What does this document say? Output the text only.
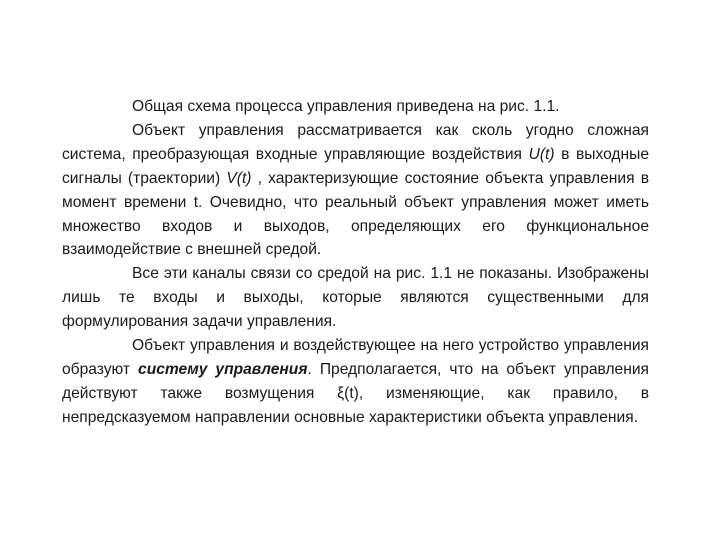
Общая схема процесса управления приведена на рис. 1.1.

Объект управления рассматривается как сколь угодно сложная система, преобразующая входные управляющие воздействия U(t) в выходные сигналы (траектории) V(t) , характеризующие состояние объекта управления в момент времени t. Очевидно, что реальный объект управления может иметь множество входов и выходов, определяющих его функциональное взаимодействие с внешней средой.

Все эти каналы связи со средой на рис. 1.1 не показаны. Изображены лишь те входы и выходы, которые являются существенными для формулирования задачи управления.

Объект управления и воздействующее на него устройство управления образуют систему управления. Предполагается, что на объект управления действуют также возмущения ξ(t), изменяющие, как правило, в непредсказуемом направлении основные характеристики объекта управления.
